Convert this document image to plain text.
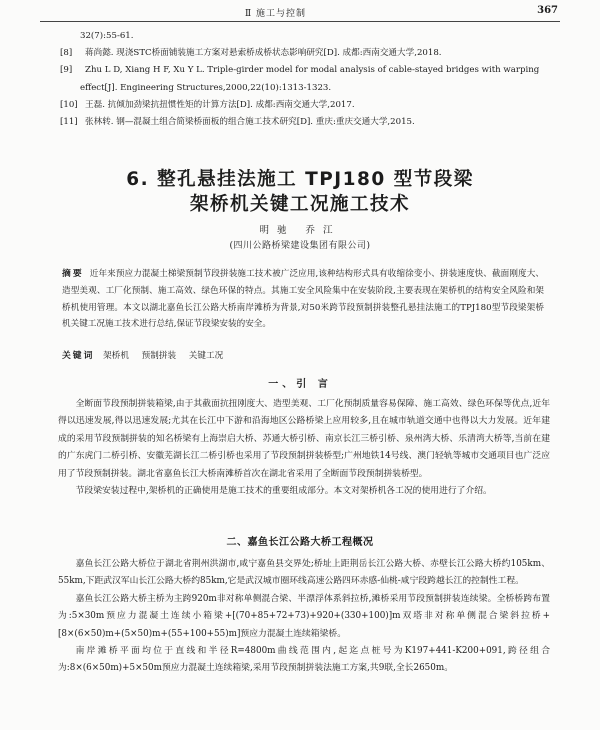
Ⅱ 施工与控制	367
32(7):55-61.
[8] 蒋尚懿. 现浇STC桥面铺装施工方案对悬索桥成桥状态影响研究[D]. 成都:西南交通大学,2018.
[9] Zhu L D, Xiang H F, Xu Y L. Triple-girder model for modal analysis of cable-stayed bridges with warping
effect[J]. Engineering Structures,2000,22(10):1313-1323.
[10] 王磊. 抗倾加劲梁抗扭惯性矩的计算方法[D]. 成都:西南交通大学,2017.
[11] 张林转. 钢—混凝土组合简梁桥面板的组合施工技术研究[D]. 重庆:重庆交通大学,2015.
6. 整孔悬挂法施工 TPJ180 型节段梁
架桥机关键工况施工技术
明驰 乔江
(四川公路桥梁建设集团有限公司)
摘要 近年来预应力混凝土梯梁预制节段拼装施工技术被广泛应用,该种结构形式具有收缩徐变小、拼装速度快、截面刚度大、造型美观、工厂化预制、施工高效、绿色环保的特点。其施工安全风险集中在安装阶段,主要表现在架桥机的结构安全风险和架桥机使用管理。本文以湖北嘉鱼长江公路大桥南岸滩桥为背景,对50米跨节段预制拼装整孔悬挂法施工的TPJ180型节段梁架桥机关键工况施工技术进行总结,保证节段梁安装的安全。
关键词 架桥机 预制拼装 关键工况
一、引 言

全断面节段预制拼装箱梁,由于其截面抗扭刚度大、造型美观、工厂化预制质量容易保障、施工高效、绿色环保等优点,近年得以迅速发展,得以迅速发展;尤其在长江中下游和沿海地区公路桥梁上应用较多,且在城市轨道交通中也得以大力发展。近年建成的采用节段预制拼装的知名桥梁有上海崇启大桥、苏通大桥引桥、南京长江三桥引桥、泉州湾大桥、乐清湾大桥等,当前在建的广东虎门二桥引桥、安徽芜湖长江二桥引桥也采用了节段预制拼装桥型;广州地铁14号线、澳门轻轨等城市交通项目也广泛应用了节段预制拼装。湖北省嘉鱼长江大桥南滩桥首次在湖北省采用了全断面节段预制拼装桥型。

节段梁安装过程中,架桥机的正确使用是施工技术的重要组成部分。本文对架桥机各工况的使用进行了介绍。

二、嘉鱼长江公路大桥工程概况

嘉鱼长江公路大桥位于湖北省荆州洪湖市,咸宁嘉鱼县交界处;桥址上距荆岳长江公路大桥、赤壁长江公路大桥约105km、55km,下距武汉军山长江公路大桥约85km,它是武汉城市圈环线高速公路四环赤感-仙桃-咸宁段跨越长江的控制性工程。

嘉鱼长江公路大桥主桥为主跨920m非对称单侧混合梁、半漂浮体系斜拉桥,滩桥采用节段预制拼装连续梁。全桥桥跨布置为:5×30m预应力混凝土连续小箱梁+[(70+85+72+73)+920+(330+100)]m双塔非对称单侧混合梁斜拉桥+[8×(6×50)m+(5×50)m+(55+100+55)m]预应力混凝土连续箱梁桥。

南岸滩桥平面均位于直线和半径R=4800m曲线范围内,起迄点桩号为K197+441-K200+091,跨径组合为:8×(6×50m)+5×50m预应力混凝土连续箱梁,采用节段预制拼装法施工方案,共9联,全长2650m。
